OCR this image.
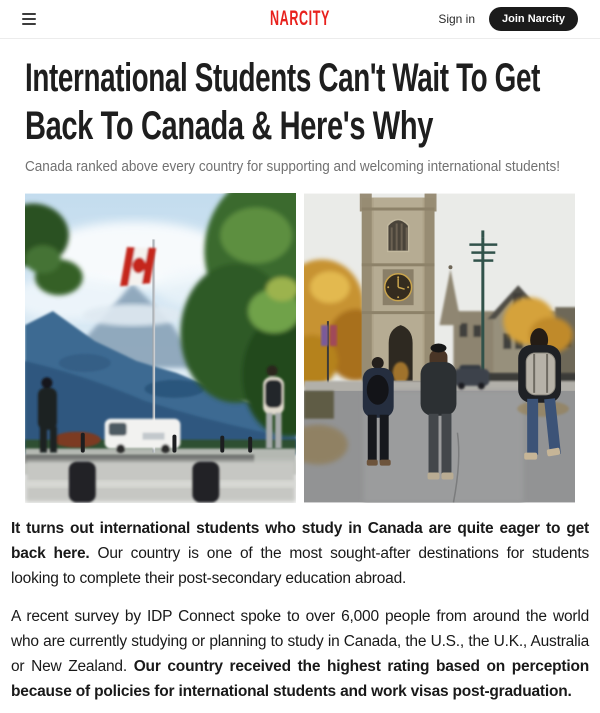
NARCITY	Sign in	Join Narcity
International Students Can't Wait To Get
Back To Canada & Here's Why

Canada ranked above every country for supporting and welcoming international students!

It turns out international students who study in Canada are quite eager to get back here. Our country is one of the most sought-after destinations for students looking to complete their post-secondary education abroad.

A recent survey by IDP Connect spoke to over 6,000 people from around the world who are currently studying or planning to study in Canada, the U.S., the U.K., Australia or New Zealand. Our country received the highest rating based on perception because of policies for international students and work visas post-graduation.
